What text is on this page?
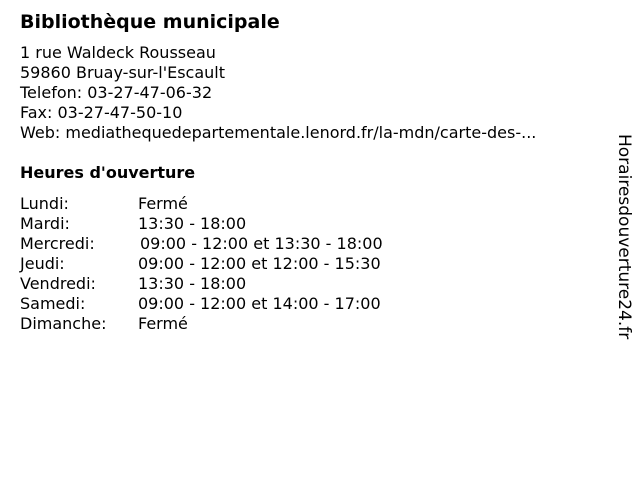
Bibliothèque municipale
1 rue Waldeck Rousseau
59860 Bruay-sur-l'Escault
Telefon: 03-27-47-06-32
Fax: 03-27-47-50-10
Web: mediathequedepartementale.lenord.fr/la-mdn/carte-des-...
Heures d'ouverture
Lundi:	Fermé
Mardi:	13:30 - 18:00
Mercredi:	09:00 - 12:00 et 13:30 - 18:00
Jeudi:	09:00 - 12:00 et 12:00 - 15:30
Vendredi:	13:30 - 18:00
Samedi:	09:00 - 12:00 et 14:00 - 17:00
Dimanche: Fermé	Horairesdouverture24.fr
